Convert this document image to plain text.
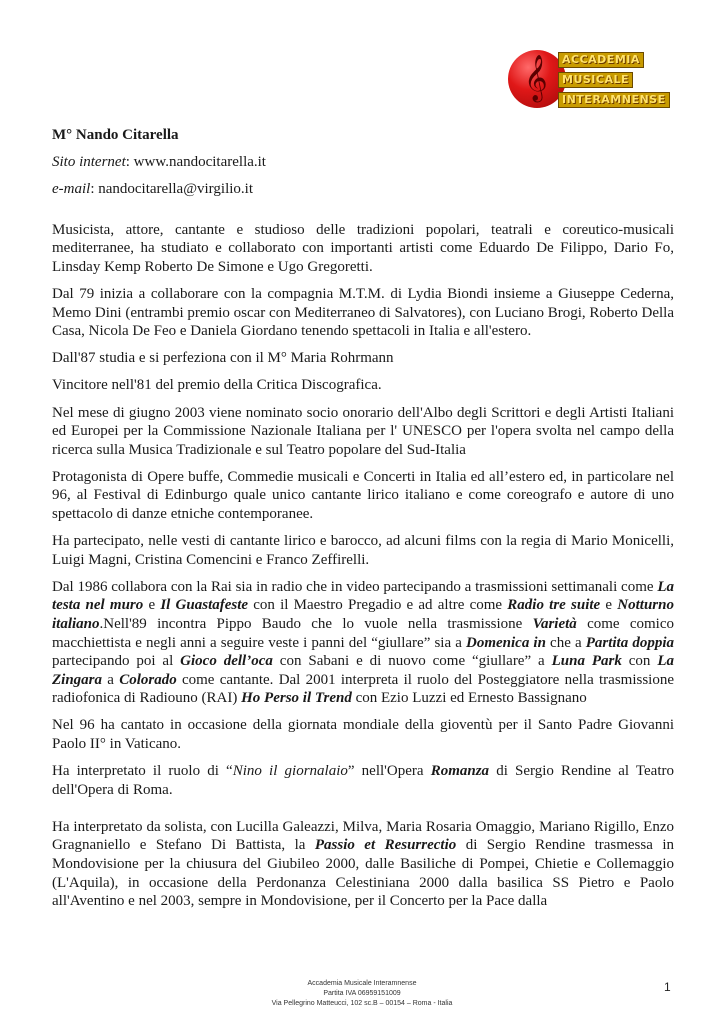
𝄞	ACCADEMIA
MUSICALE
INTERAMNENSE

M° Nando Citarella

Sito internet: www.nandocitarella.it

e-mail: nandocitarella@virgilio.it

Musicista, attore, cantante e studioso delle tradizioni popolari, teatrali e coreutico-musicali mediterranee, ha studiato e collaborato con importanti artisti come Eduardo De Filippo, Dario Fo, Linsday Kemp Roberto De Simone e Ugo Gregoretti.

Dal 79 inizia a collaborare con la compagnia M.T.M. di Lydia Biondi insieme a Giuseppe Cederna, Memo Dini (entrambi premio oscar con Mediterraneo di Salvatores), con Luciano Brogi, Roberto Della Casa, Nicola De Feo e Daniela Giordano tenendo spettacoli in Italia e all'estero.

Dall'87 studia e si perfeziona con il M° Maria Rohrmann

Vincitore nell'81 del premio della Critica Discografica.

Nel mese di giugno 2003 viene nominato socio onorario dell'Albo degli Scrittori e degli Artisti Italiani ed Europei per la Commissione Nazionale Italiana per l' UNESCO per l'opera svolta nel campo della ricerca sulla Musica Tradizionale e sul Teatro popolare del Sud-Italia

Protagonista di Opere buffe, Commedie musicali e Concerti in Italia ed all’estero ed, in particolare nel 96, al Festival di Edinburgo quale unico cantante lirico italiano e come coreografo e autore di uno spettacolo di danze etniche contemporanee.

Ha partecipato, nelle vesti di cantante lirico e barocco, ad alcuni films con la regia di Mario Monicelli, Luigi Magni, Cristina Comencini e Franco Zeffirelli.

Dal 1986 collabora con la Rai sia in radio che in video partecipando a trasmissioni settimanali come La testa nel muro e Il Guastafeste con il Maestro Pregadio e ad altre come Radio tre suite e Notturno italiano.Nell'89 incontra Pippo Baudo che lo vuole nella trasmissione Varietà come comico macchiettista e negli anni a seguire veste i panni del “giullare” sia a Domenica in che a Partita doppia partecipando poi al Gioco dell’oca con Sabani e di nuovo come “giullare” a Luna Park con La Zingara a Colorado come cantante. Dal 2001 interpreta il ruolo del Posteggiatore nella trasmissione radiofonica di Radiouno (RAI) Ho Perso il Trend con Ezio Luzzi ed Ernesto Bassignano

Nel 96 ha cantato in occasione della giornata mondiale della gioventù per il Santo Padre Giovanni Paolo II° in Vaticano.

Ha interpretato il ruolo di “Nino il giornalaio” nell'Opera Romanza di Sergio Rendine al Teatro dell'Opera di Roma.

Ha interpretato da solista, con Lucilla Galeazzi, Milva, Maria Rosaria Omaggio, Mariano Rigillo, Enzo Gragnaniello e Stefano Di Battista, la Passio et Resurrectio di Sergio Rendine trasmessa in Mondovisione per la chiusura del Giubileo 2000, dalle Basiliche di Pompei, Chietie e Collemaggio (L'Aquila), in occasione della Perdonanza Celestiniana 2000 dalla basilica SS Pietro e Paolo all'Aventino e nel 2003, sempre in Mondovisione, per il Concerto per la Pace dalla

Accademia Musicale Interamnense
Partita IVA 06959151009
Via Pellegrino Matteucci, 102 sc.B – 00154 – Roma - Italia
1
